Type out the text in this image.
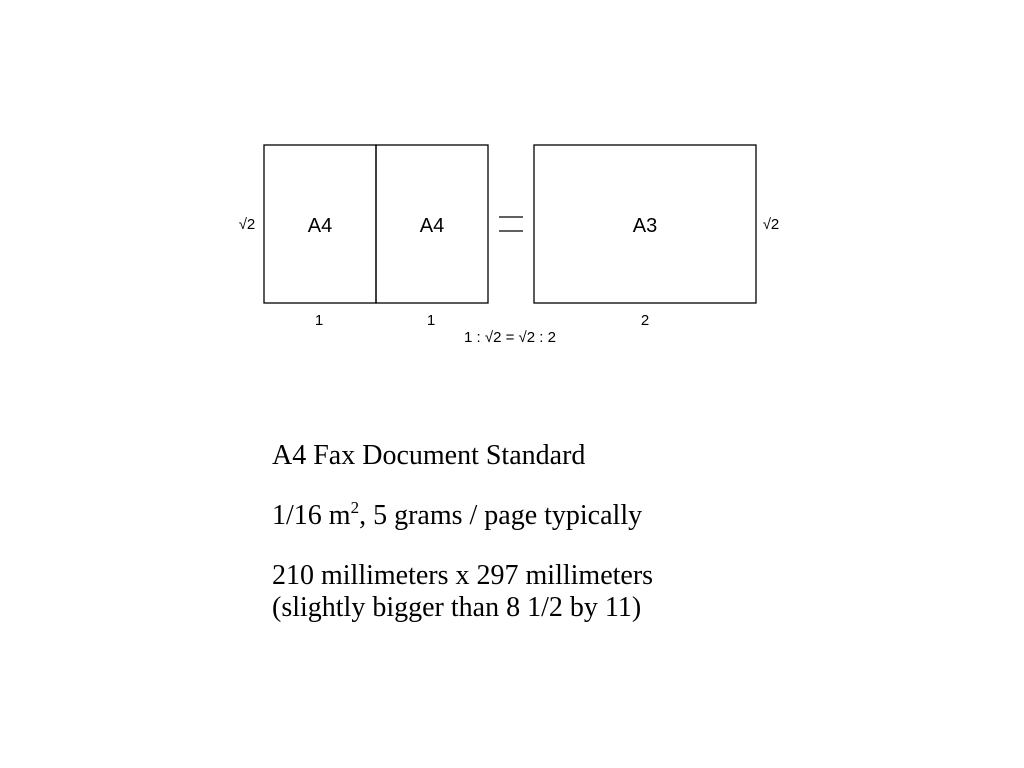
A4	A4	A3
√2	√2
1	1	2
1 : √2 = √2 : 2

A4 Fax Document Standard

1/16 $m^2$, 5 grams / page typically

210 millimeters x 297 millimeters

(slightly bigger than 8 1/2 by 11)
